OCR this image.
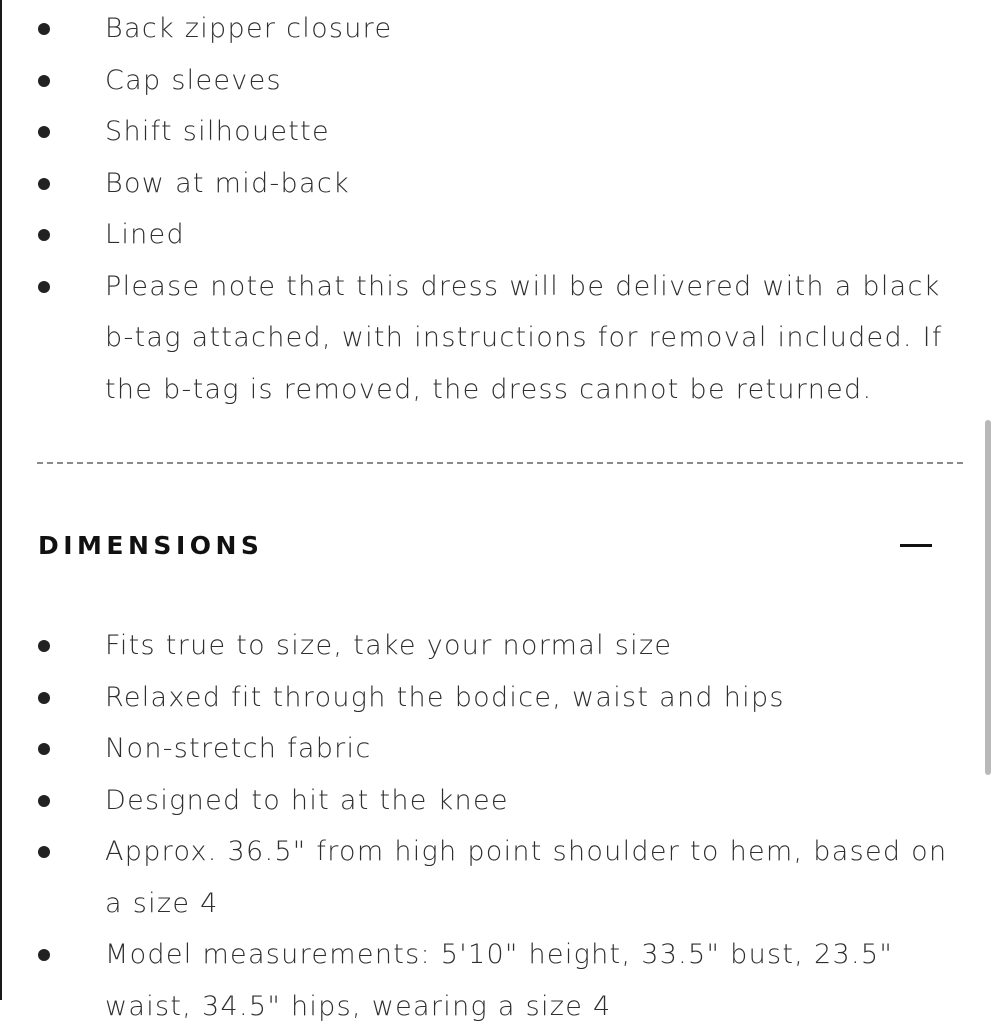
Back zipper closure
Cap sleeves
Shift silhouette
Bow at mid-back
Lined
Please note that this dress will be delivered with a black b-tag attached, with instructions for removal included. If the b-tag is removed, the dress cannot be returned.
DIMENSIONS
Fits true to size, take your normal size
Relaxed fit through the bodice, waist and hips
Non-stretch fabric
Designed to hit at the knee
Approx. 36.5" from high point shoulder to hem, based on a size 4
Model measurements: 5'10" height, 33.5" bust, 23.5" waist, 34.5" hips, wearing a size 4
